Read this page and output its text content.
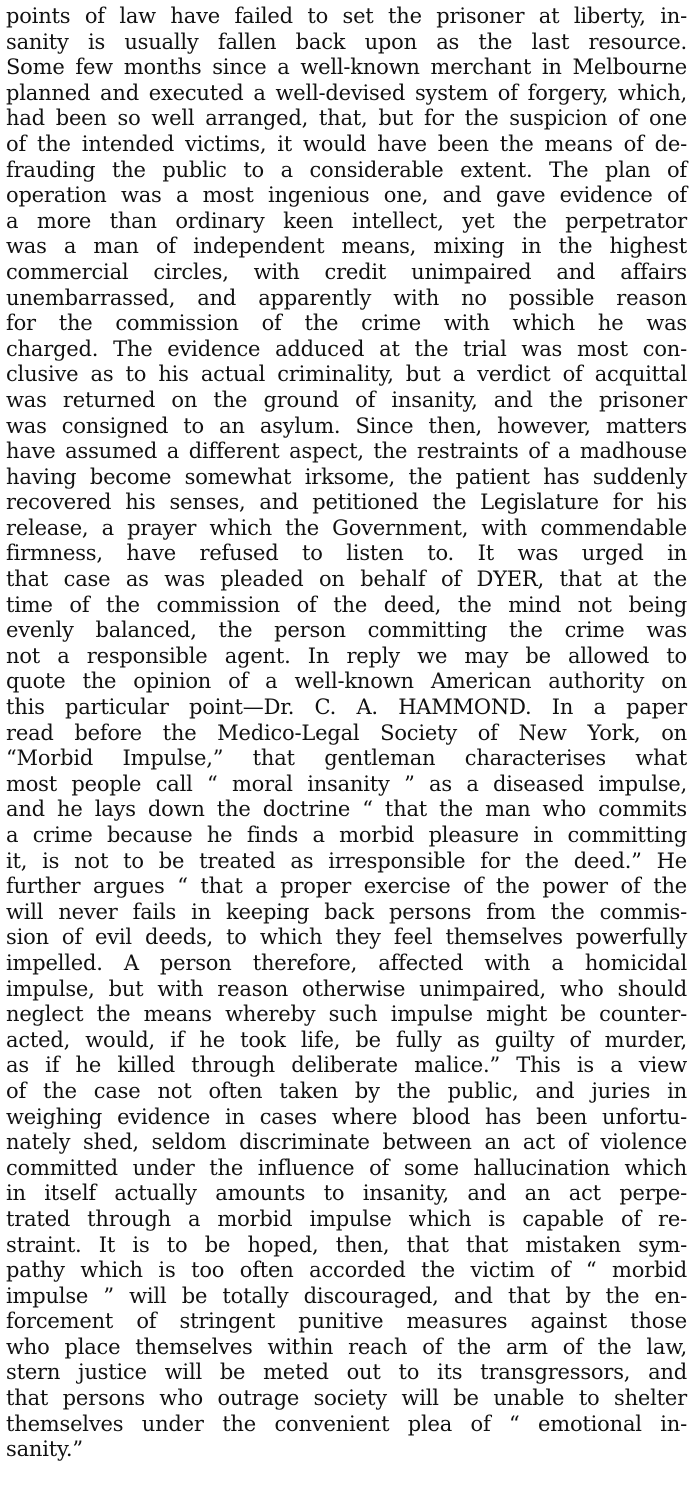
points of law have failed to set the prisoner at liberty, in-
sanity is usually fallen back upon as the last resource.
Some few months since a well-known merchant in Melbourne
planned and executed a well-devised system of forgery, which,
had been so well arranged, that, but for the suspicion of one
of the intended victims, it would have been the means of de-
frauding the public to a considerable extent. The plan of
operation was a most ingenious one, and gave evidence of
a more than ordinary keen intellect, yet the perpetrator
was a man of independent means, mixing in the highest
commercial circles, with credit unimpaired and affairs
unembarrassed, and apparently with no possible reason
for the commission of the crime with which he was
charged. The evidence adduced at the trial was most con-
clusive as to his actual criminality, but a verdict of acquittal
was returned on the ground of insanity, and the prisoner
was consigned to an asylum. Since then, however, matters
have assumed a different aspect, the restraints of a madhouse
having become somewhat irksome, the patient has suddenly
recovered his senses, and petitioned the Legislature for his
release, a prayer which the Government, with commendable
firmness, have refused to listen to. It was urged in
that case as was pleaded on behalf of DYER, that at the
time of the commission of the deed, the mind not being
evenly balanced, the person committing the crime was
not a responsible agent. In reply we may be allowed to
quote the opinion of a well-known American authority on
this particular point—Dr. C. A. HAMMOND. In a paper
read before the Medico-Legal Society of New York, on
“Morbid Impulse,” that gentleman characterises what
most people call “ moral insanity ” as a diseased impulse,
and he lays down the doctrine “ that the man who commits
a crime because he finds a morbid pleasure in committing
it, is not to be treated as irresponsible for the deed.” He
further argues “ that a proper exercise of the power of the
will never fails in keeping back persons from the commis-
sion of evil deeds, to which they feel themselves powerfully
impelled. A person therefore, affected with a homicidal
impulse, but with reason otherwise unimpaired, who should
neglect the means whereby such impulse might be counter-
acted, would, if he took life, be fully as guilty of murder,
as if he killed through deliberate malice.” This is a view
of the case not often taken by the public, and juries in
weighing evidence in cases where blood has been unfortu-
nately shed, seldom discriminate between an act of violence
committed under the influence of some hallucination which
in itself actually amounts to insanity, and an act perpe-
trated through a morbid impulse which is capable of re-
straint. It is to be hoped, then, that that mistaken sym-
pathy which is too often accorded the victim of “ morbid
impulse ” will be totally discouraged, and that by the en-
forcement of stringent punitive measures against those
who place themselves within reach of the arm of the law,
stern justice will be meted out to its transgressors, and
that persons who outrage society will be unable to shelter
themselves under the convenient plea of “ emotional in-
sanity.”
